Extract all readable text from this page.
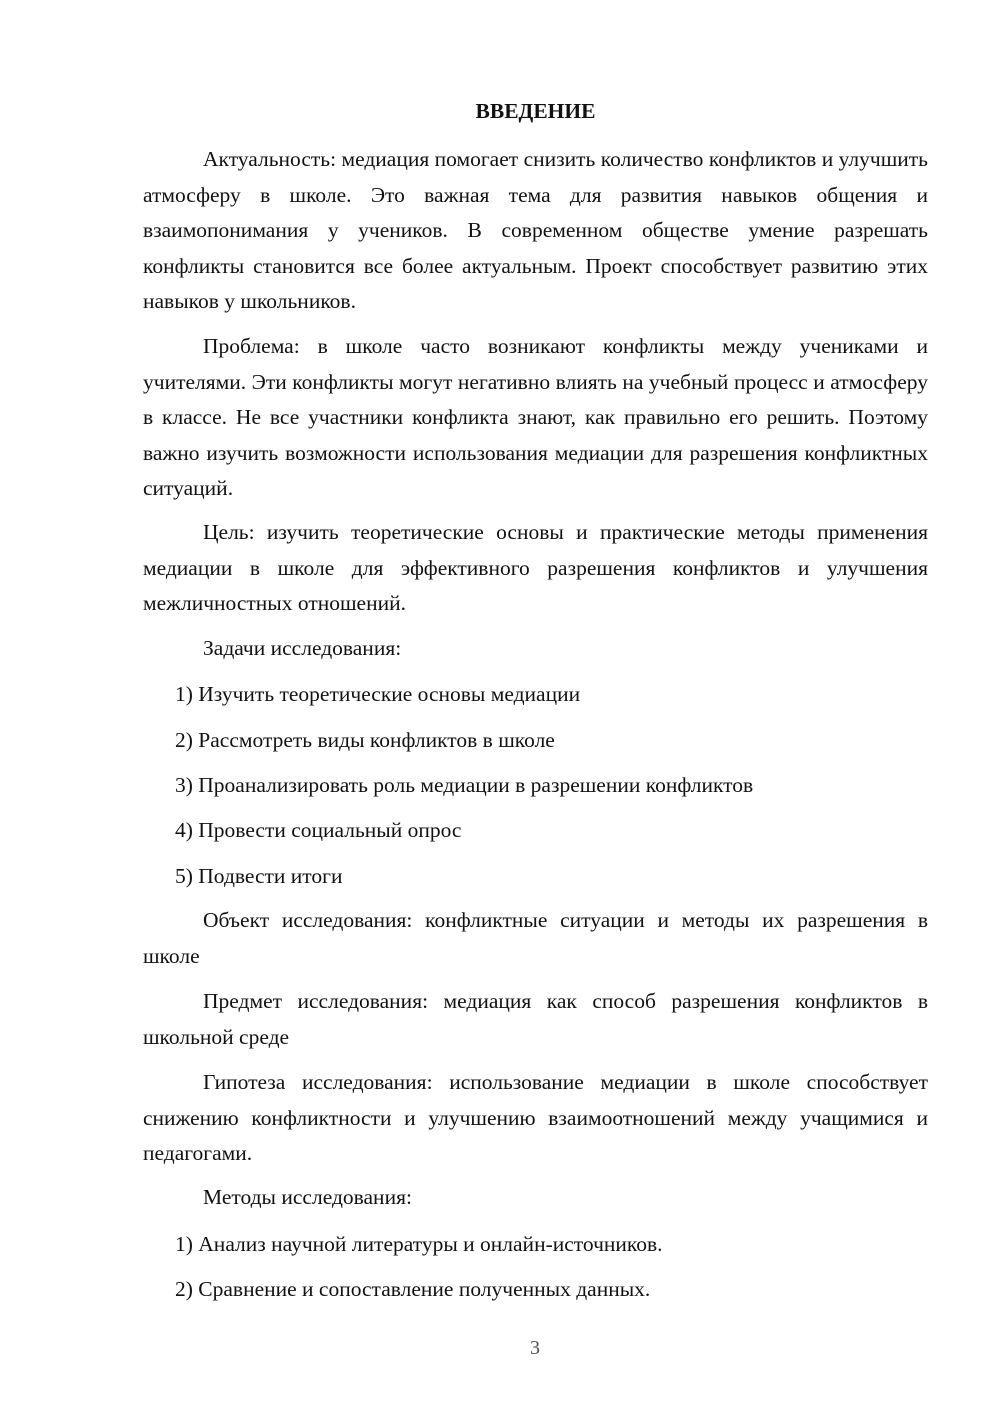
ВВЕДЕНИЕ

Актуальность: медиация помогает снизить количество конфликтов и улучшить атмосферу в школе. Это важная тема для развития навыков общения и взаимопонимания у учеников. В современном обществе умение разрешать конфликты становится все более актуальным. Проект способствует развитию этих навыков у школьников.

Проблема: в школе часто возникают конфликты между учениками и учителями. Эти конфликты могут негативно влиять на учебный процесс и атмосферу в классе. Не все участники конфликта знают, как правильно его решить. Поэтому важно изучить возможности использования медиации для разрешения конфликтных ситуаций.

Цель: изучить теоретические основы и практические методы применения медиации в школе для эффективного разрешения конфликтов и улучшения межличностных отношений.

Задачи исследования:

1) Изучить теоретические основы медиации

2) Рассмотреть виды конфликтов в школе

3) Проанализировать роль медиации в разрешении конфликтов

4) Провести социальный опрос

5) Подвести итоги

Объект исследования: конфликтные ситуации и методы их разрешения в школе

Предмет исследования: медиация как способ разрешения конфликтов в школьной среде

Гипотеза исследования: использование медиации в школе способствует снижению конфликтности и улучшению взаимоотношений между учащимися и педагогами.

Методы исследования:

1) Анализ научной литературы и онлайн-источников.

2) Сравнение и сопоставление полученных данных.

3
